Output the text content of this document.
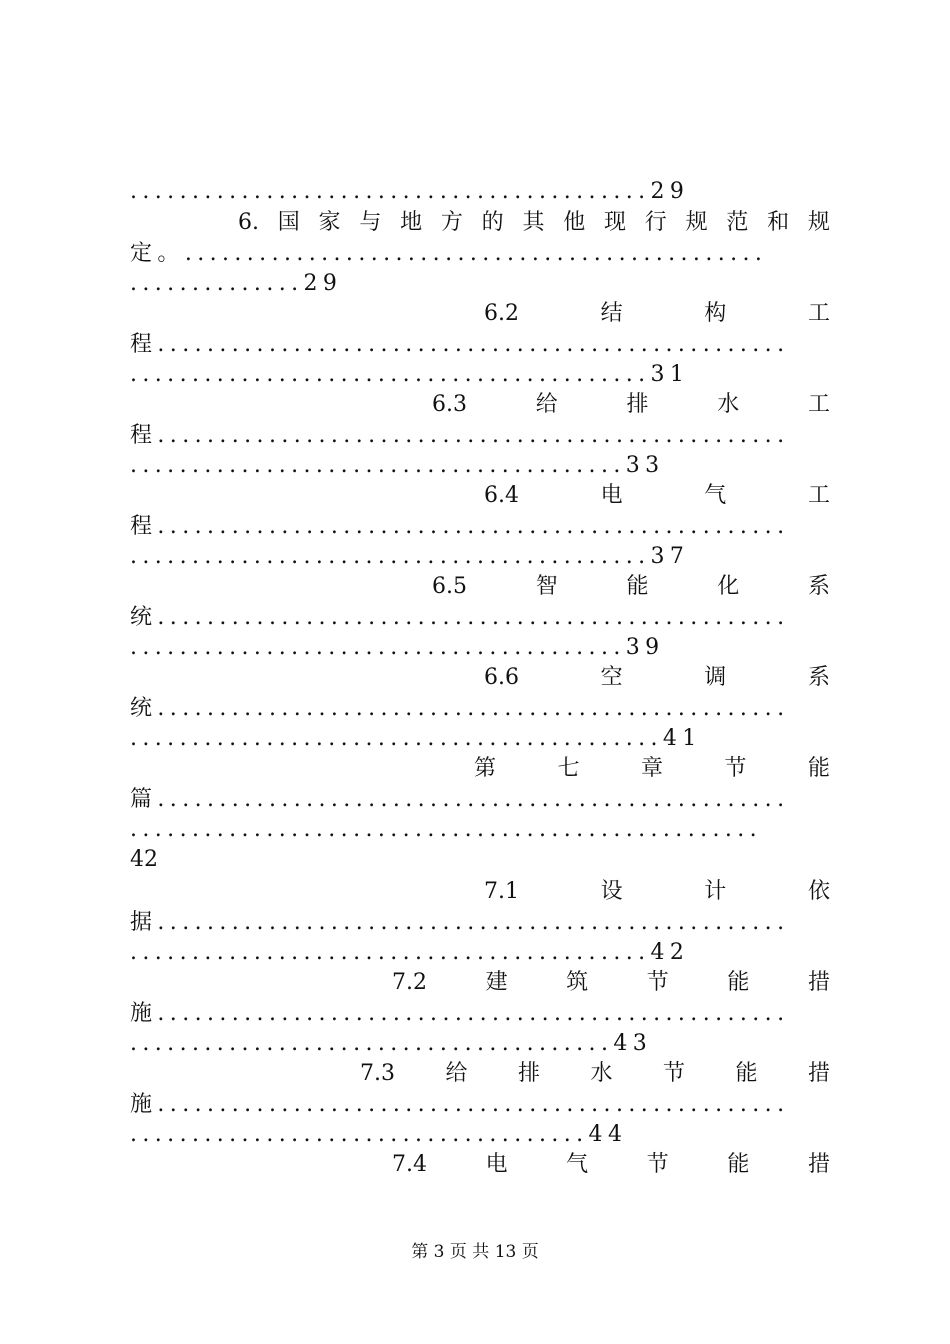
..........................................29
6. 国 家 与 地 方 的 其 他 现 行 规 范 和 规
定。...............................................
..............29
6.2	结	构	工
程...................................................
..........................................31
6.3	给	排	水	工
程...................................................
........................................33
6.4	电	气	工
程...................................................
..........................................37
6.5	智	能	化	系
统...................................................
........................................39
6.6	空	调	系
统...................................................
...........................................41
第	七	章	节	能
篇...................................................
...................................................
42
7.1	设	计	依
据...................................................
..........................................42
7.2	建	筑	节	能	措
施...................................................
.......................................43
7.3 给 排 水 节 能 措
施...................................................
.....................................44
7.4	电	气	节	能	措
第 3 页 共 13 页
